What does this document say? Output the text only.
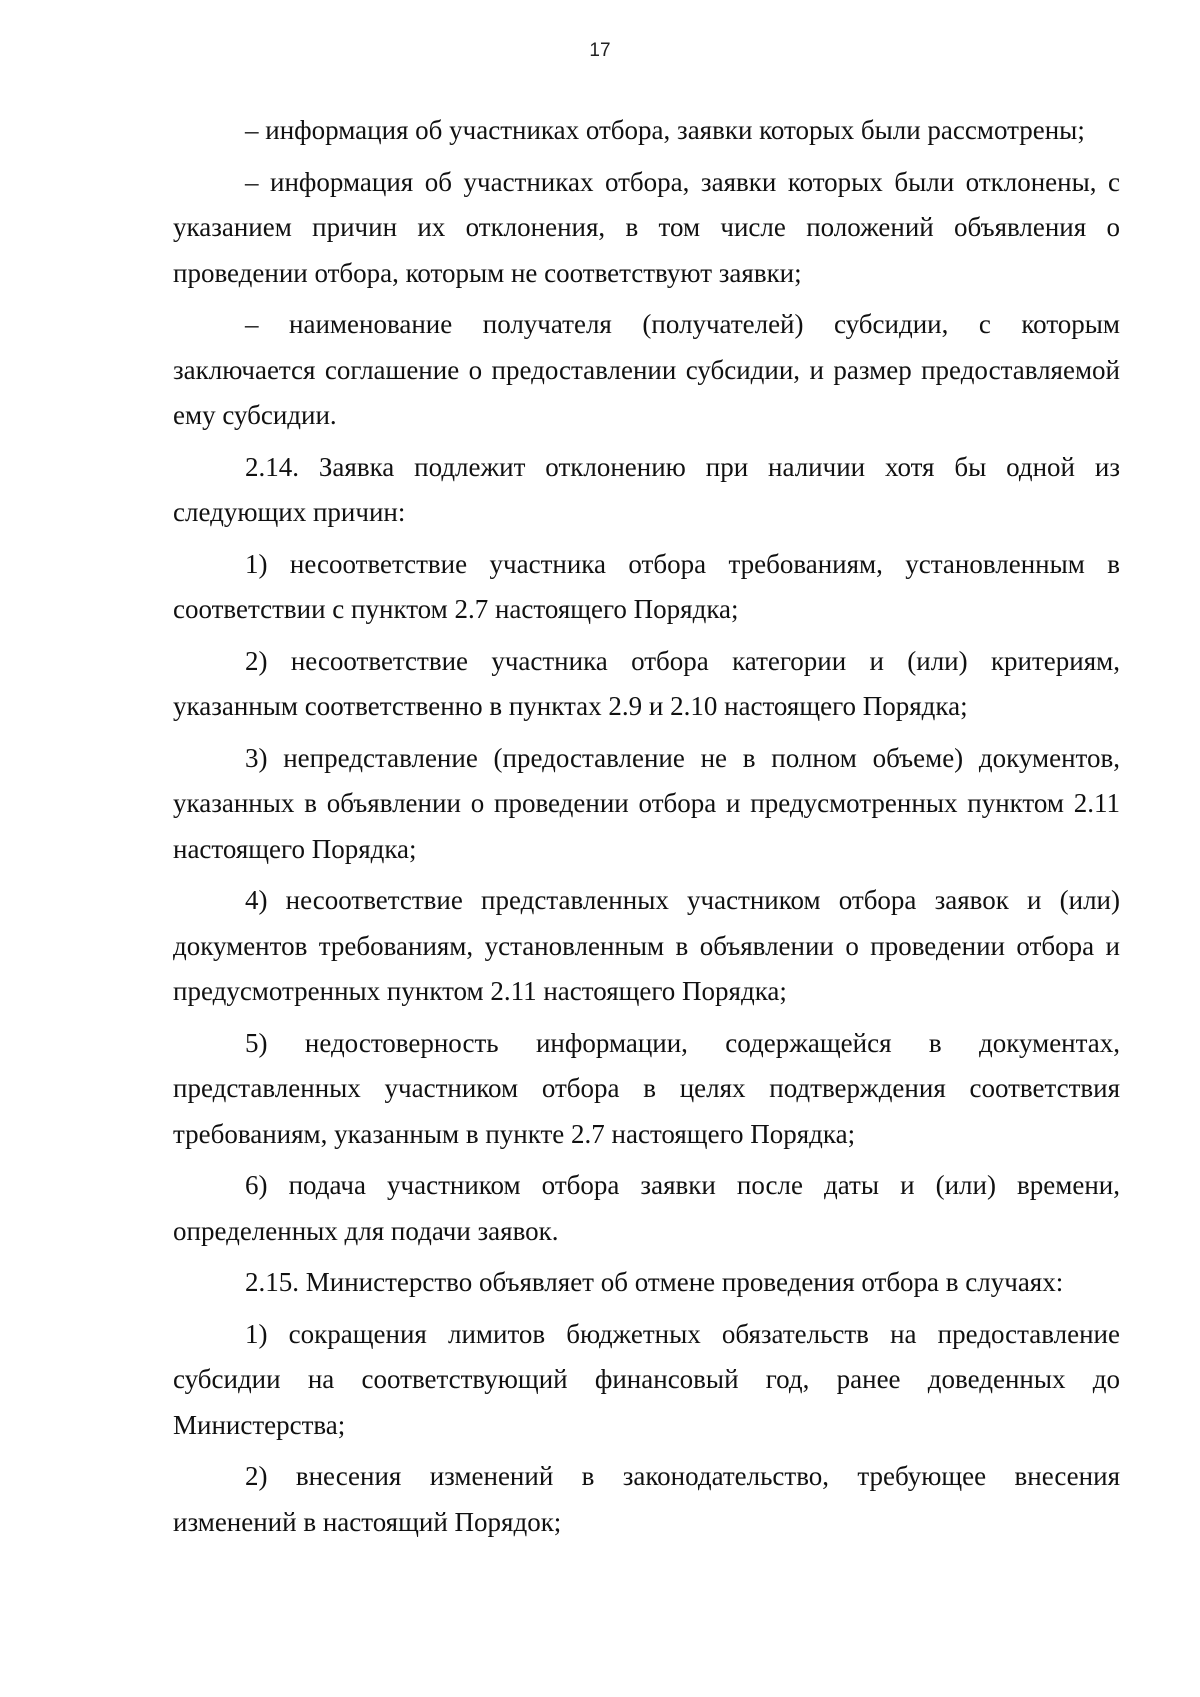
17

– информация об участниках отбора, заявки которых были рассмотрены;

– информация об участниках отбора, заявки которых были отклонены, с указанием причин их отклонения, в том числе положений объявления о проведении отбора, которым не соответствуют заявки;

– наименование получателя (получателей) субсидии, с которым заключается соглашение о предоставлении субсидии, и размер предоставляемой ему субсидии.

2.14. Заявка подлежит отклонению при наличии хотя бы одной из следующих причин:

1) несоответствие участника отбора требованиям, установленным в соответствии с пунктом 2.7 настоящего Порядка;

2) несоответствие участника отбора категории и (или) критериям, указанным соответственно в пунктах 2.9 и 2.10 настоящего Порядка;

3) непредставление (предоставление не в полном объеме) документов, указанных в объявлении о проведении отбора и предусмотренных пунктом 2.11 настоящего Порядка;

4) несоответствие представленных участником отбора заявок и (или) документов требованиям, установленным в объявлении о проведении отбора и предусмотренных пунктом 2.11 настоящего Порядка;

5) недостоверность информации, содержащейся в документах, представленных участником отбора в целях подтверждения соответствия требованиям, указанным в пункте 2.7 настоящего Порядка;

6) подача участником отбора заявки после даты и (или) времени, определенных для подачи заявок.

2.15. Министерство объявляет об отмене проведения отбора в случаях:

1) сокращения лимитов бюджетных обязательств на предоставление субсидии на соответствующий финансовый год, ранее доведенных до Министерства;

2) внесения изменений в законодательство, требующее внесения изменений в настоящий Порядок;
